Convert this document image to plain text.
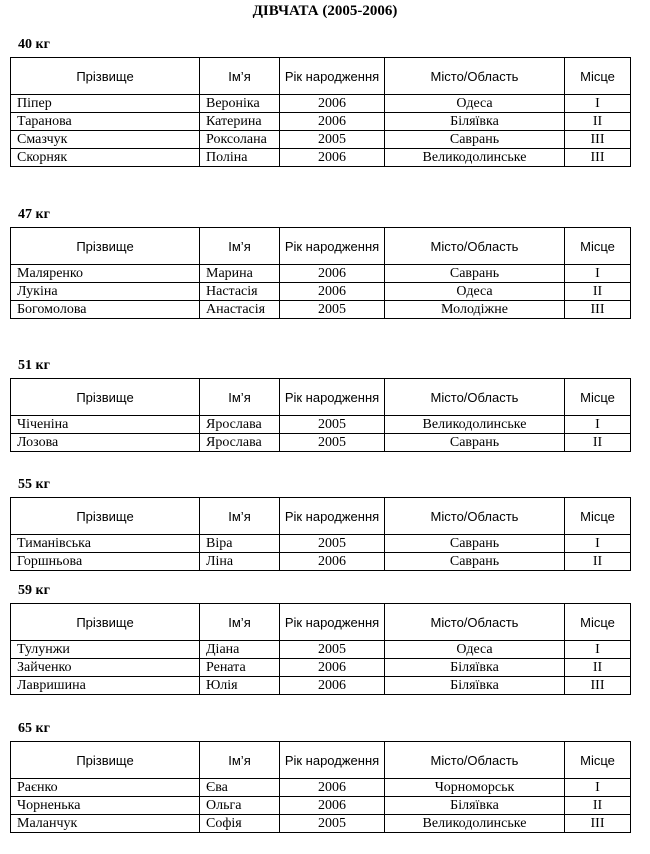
ДІВЧАТА (2005-2006)
40 кг
Прізвище	Ім’я	Рік народження	Місто/Область	Місце
Піпер	Вероніка	2006	Одеса	I
Таранова	Катерина	2006	Біляївка	II
Смазчук	Роксолана	2005	Саврань	III
Скорняк	Поліна	2006	Великодолинське	III
47 кг
Прізвище	Ім’я	Рік народження	Місто/Область	Місце
Маляренко	Марина	2006	Саврань	I
Лукіна	Настасія	2006	Одеса	II
Богомолова	Анастасія	2005	Молодіжне	III
51 кг
Прізвище	Ім’я	Рік народження	Місто/Область	Місце
Чіченіна	Ярослава	2005	Великодолинське	I
Лозова	Ярослава	2005	Саврань	II
55 кг
Прізвище	Ім’я	Рік народження	Місто/Область	Місце
Тиманівська	Віра	2005	Саврань	I
Горшньова	Ліна	2006	Саврань	II
59 кг
Прізвище	Ім’я	Рік народження	Місто/Область	Місце
Тулунжи	Діана	2005	Одеса	I
Зайченко	Рената	2006	Біляївка	II
Лавришина	Юлія	2006	Біляївка	III
65 кг
Прізвище	Ім’я	Рік народження	Місто/Область	Місце
Раєнко	Єва	2006	Чорноморськ	I
Чорненька	Ольга	2006	Біляївка	II
Маланчук	Софія	2005	Великодолинське	III
